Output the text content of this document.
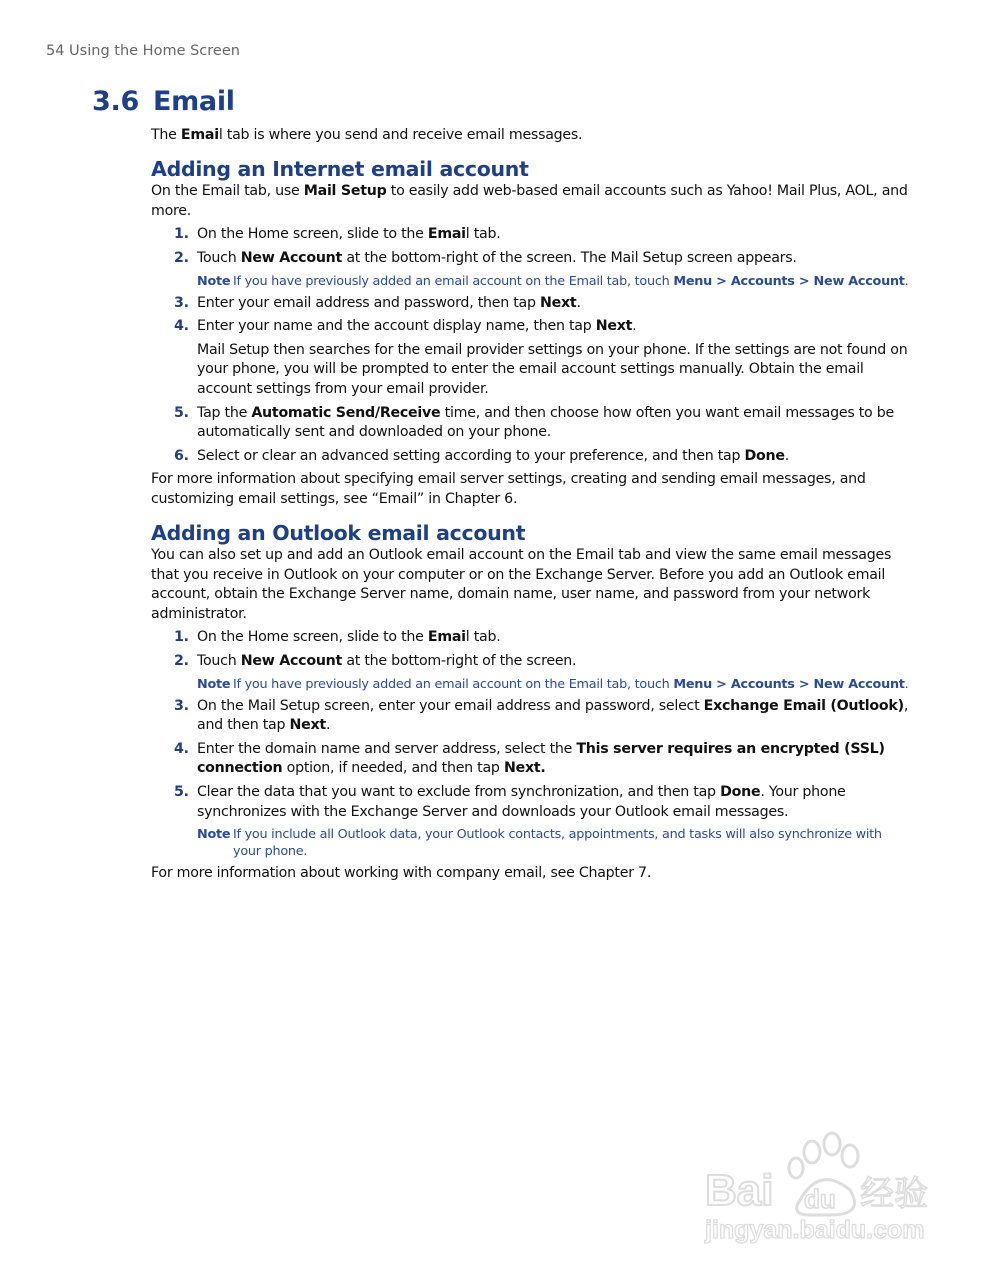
54 Using the Home Screen
3.6 Email

The Email tab is where you send and receive email messages.

Adding an Internet email account

On the Email tab, use Mail Setup to easily add web-based email accounts such as Yahoo! Mail Plus, AOL, and more.

1. On the Home screen, slide to the Email tab.

2. Touch New Account at the bottom-right of the screen. The Mail Setup screen appears.

Note If you have previously added an email account on the Email tab, touch Menu > Accounts > New Account.
3. Enter your email address and password, then tap Next.

4. Enter your name and the account display name, then tap Next.

Mail Setup then searches for the email provider settings on your phone. If the settings are not found on your phone, you will be prompted to enter the email account settings manually. Obtain the email account settings from your email provider.

5. Tap the Automatic Send/Receive time, and then choose how often you want email messages to be automatically sent and downloaded on your phone.

6. Select or clear an advanced setting according to your preference, and then tap Done.

For more information about specifying email server settings, creating and sending email messages, and customizing email settings, see “Email” in Chapter 6.

Adding an Outlook email account

You can also set up and add an Outlook email account on the Email tab and view the same email messages that you receive in Outlook on your computer or on the Exchange Server. Before you add an Outlook email account, obtain the Exchange Server name, domain name, user name, and password from your network administrator.

1. On the Home screen, slide to the Email tab.

2. Touch New Account at the bottom-right of the screen.

Note If you have previously added an email account on the Email tab, touch Menu > Accounts > New Account.
3. On the Mail Setup screen, enter your email address and password, select Exchange Email (Outlook), and then tap Next.

4. Enter the domain name and server address, select the This server requires an encrypted (SSL) connection option, if needed, and then tap Next.

5. Clear the data that you want to exclude from synchronization, and then tap Done. Your phone synchronizes with the Exchange Server and downloads your Outlook email messages.

Note If you include all Outlook data, your Outlook contacts, appointments, and tasks will also synchronize with your phone.

For more information about working with company email, see Chapter 7.

Bai du 经验
jingyan.baidu.com
